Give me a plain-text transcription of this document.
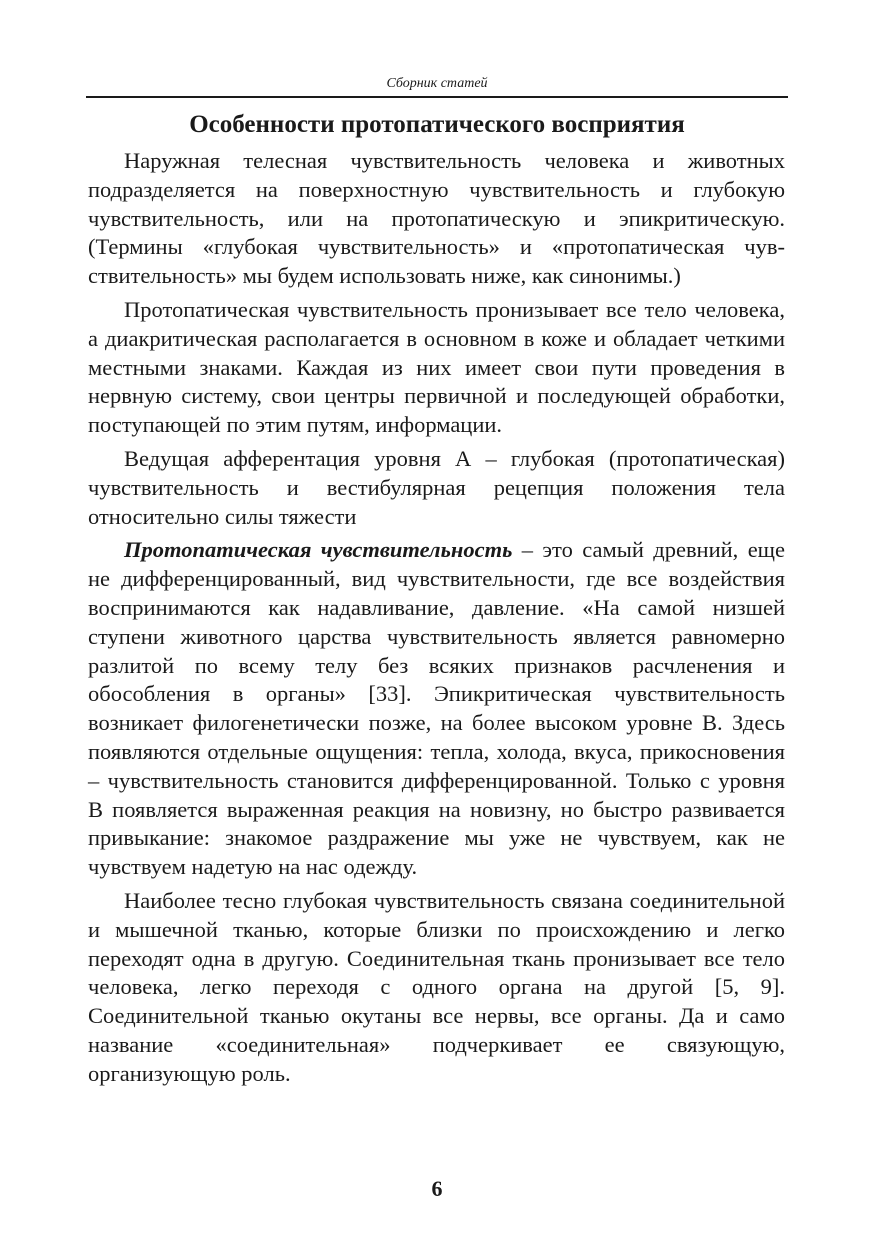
Сборник статей
Особенности протопатического восприятия

Наружная телесная чувствительность человека и животных подразделяется на поверхностную чувствительность и глубокую чувствительность, или на протопатическую и эпикритическую. (Термины «глубокая чувствительность» и «протопатическая чувствительность» мы будем использовать ниже, как синонимы.)

Протопатическая чувствительность пронизывает все тело человека, а диакритическая располагается в основном в коже и обладает четкими местными знаками. Каждая из них имеет свои пути проведения в нервную систему, свои центры первичной и последующей обработки, поступающей по этим путям, информации.

Ведущая афферентация уровня А – глубокая (протопатическая) чувствительность и вестибулярная рецепция положения тела относительно силы тяжести

Протопатическая чувствительность – это самый древний, еще не дифференцированный, вид чувствительности, где все воздействия воспринимаются как надавливание, давление. «На самой низшей ступени животного царства чувствительность является равномерно разлитой по всему телу без всяких признаков расчленения и обособления в органы» [33]. Эпикритическая чувствительность возникает филогенетически позже, на более высоком уровне В. Здесь появляются отдельные ощущения: тепла, холода, вкуса, прикосновения – чувствительность становится дифференцированной. Только с уровня В появляется выраженная реакция на новизну, но быстро развивается привыкание: знакомое раздражение мы уже не чувствуем, как не чувствуем надетую на нас одежду.

Наиболее тесно глубокая чувствительность связана соединительной и мышечной тканью, которые близки по происхождению и легко переходят одна в другую. Соединительная ткань пронизывает все тело человека, легко переходя с одного органа на другой [5, 9]. Соединительной тканью окутаны все нервы, все органы. Да и само название «соединительная» подчеркивает ее связующую, организующую роль.

6
